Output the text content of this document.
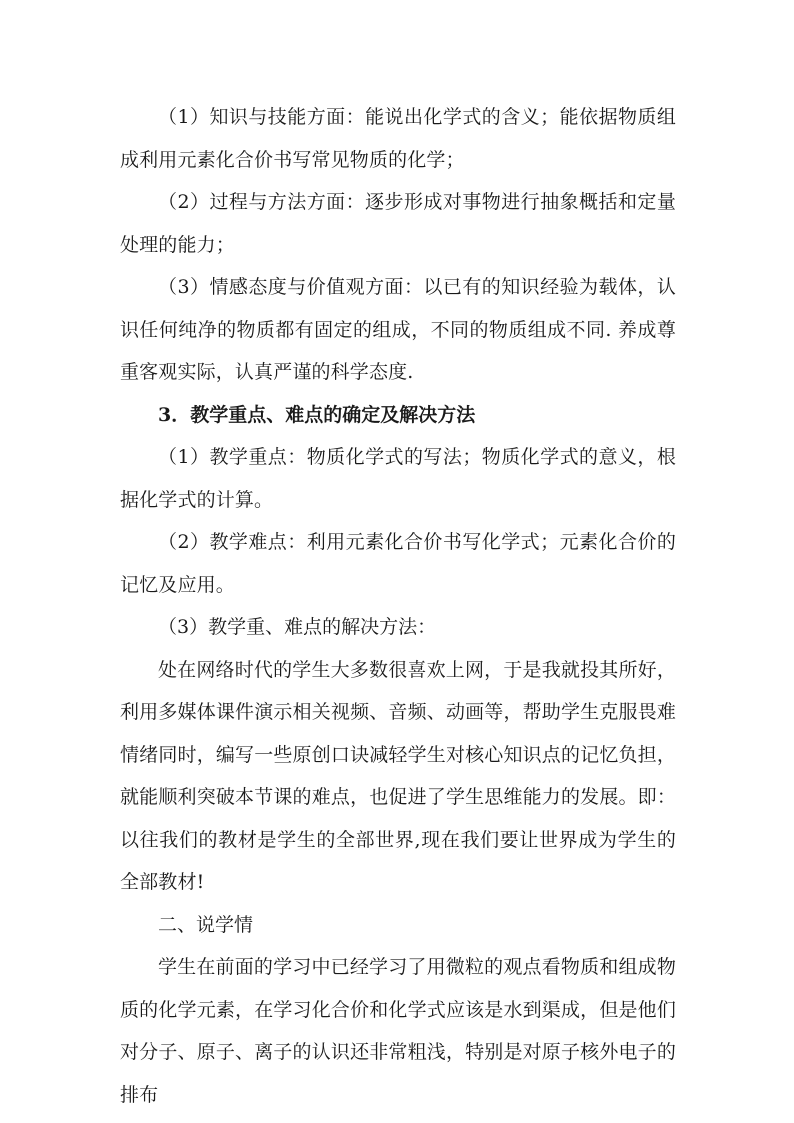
（1）知识与技能方面：能说出化学式的含义；能依据物质组成利用元素化合价书写常见物质的化学；

（2）过程与方法方面：逐步形成对事物进行抽象概括和定量处理的能力；

（3）情感态度与价值观方面：以已有的知识经验为载体，认识任何纯净的物质都有固定的组成，不同的物质组成不同. 养成尊重客观实际，认真严谨的科学态度.

3．教学重点、难点的确定及解决方法

（1）教学重点：物质化学式的写法；物质化学式的意义，根据化学式的计算。

（2）教学难点：利用元素化合价书写化学式；元素化合价的记忆及应用。

（3）教学重、难点的解决方法：

处在网络时代的学生大多数很喜欢上网，于是我就投其所好，利用多媒体课件演示相关视频、音频、动画等，帮助学生克服畏难情绪同时，编写一些原创口诀减轻学生对核心知识点的记忆负担，就能顺利突破本节课的难点，也促进了学生思维能力的发展。即：以往我们的教材是学生的全部世界,现在我们要让世界成为学生的全部教材!

二、说学情

学生在前面的学习中已经学习了用微粒的观点看物质和组成物质的化学元素，在学习化合价和化学式应该是水到渠成，但是他们对分子、原子、离子的认识还非常粗浅，特别是对原子核外电子的排布
